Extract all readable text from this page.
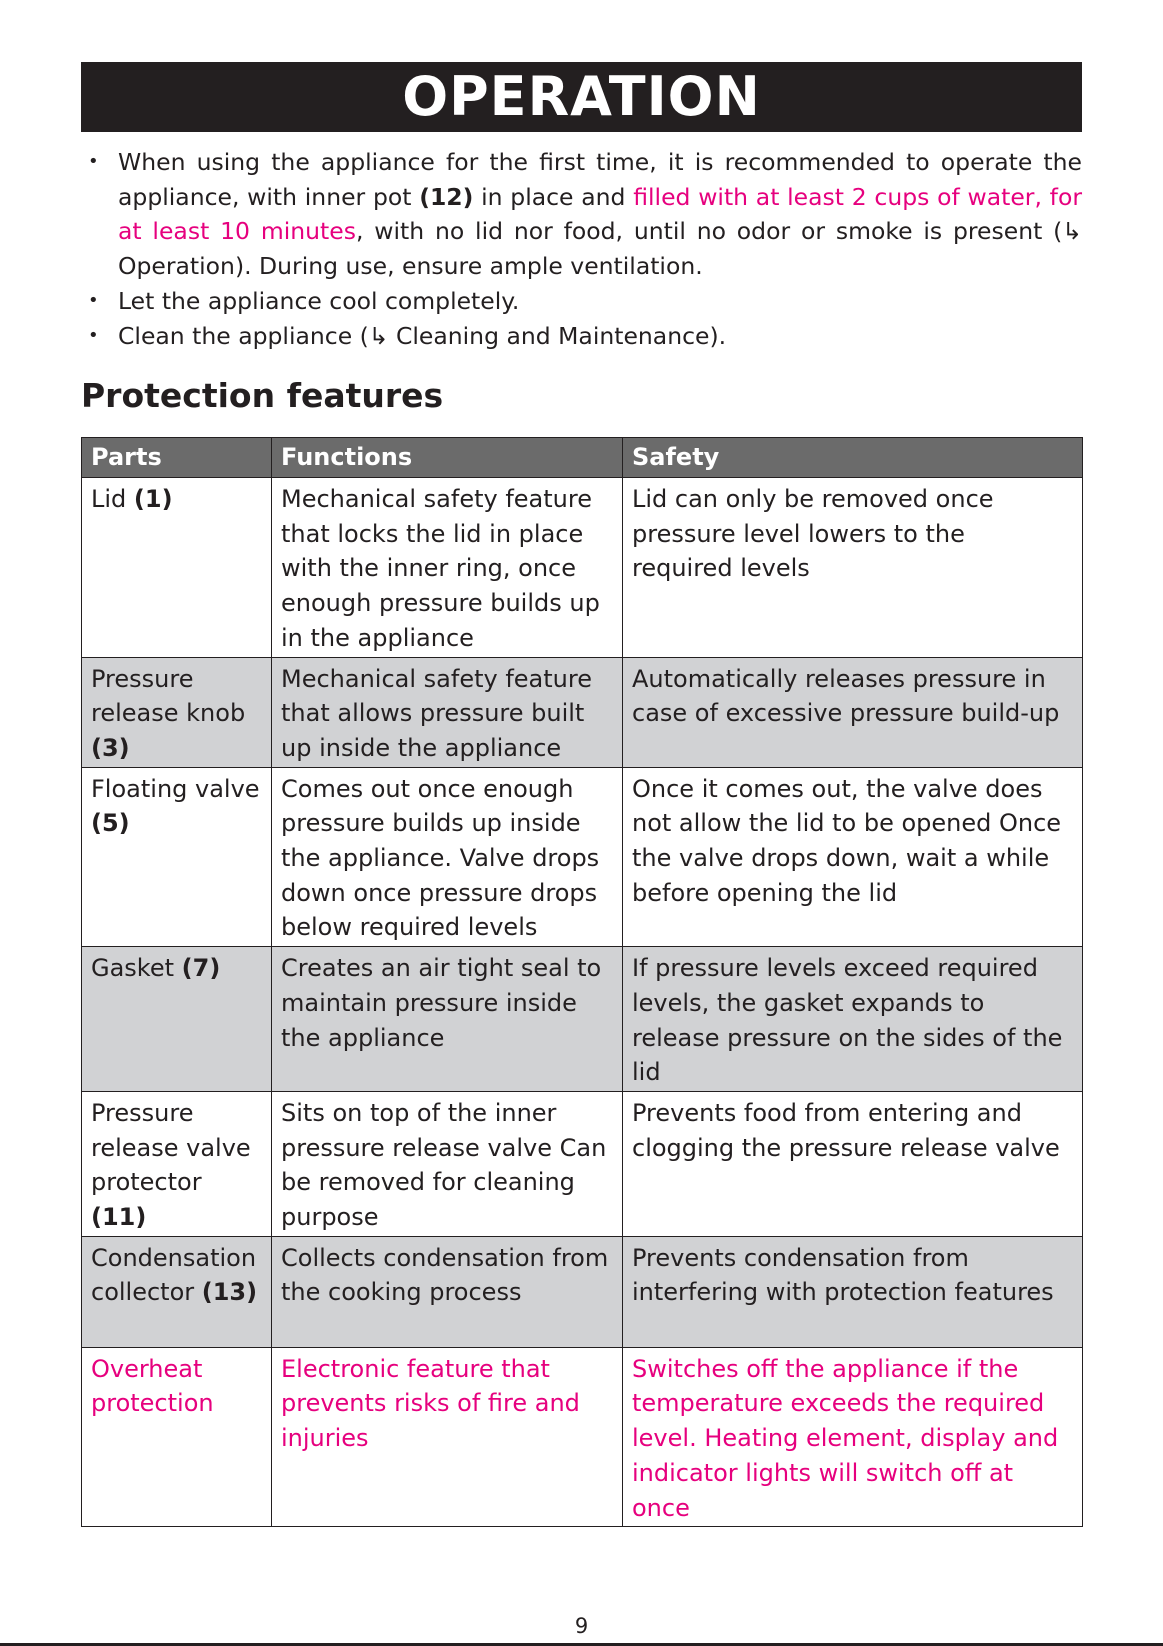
OPERATION
• When using the appliance for the first time, it is recommended to operate the appliance, with inner pot (12) in place and filled with at least 2 cups of water, for at least 10 minutes, with no lid nor food, until no odor or smoke is present (↳ Operation). During use, ensure ample ventilation.
• Let the appliance cool completely.
• Clean the appliance (↳ Cleaning and Maintenance).
Protection features
Parts	Functions	Safety
Lid (1)	Mechanical safety feature that locks the lid in place with the inner ring, once enough pressure builds up in the appliance	Lid can only be removed once pressure level lowers to the required levels
Pressure release knob (3)	Mechanical safety feature that allows pressure built up inside the appliance	Automatically releases pressure in case of excessive pressure build-up
Floating valve (5)	Comes out once enough pressure builds up inside the appliance. Valve drops down once pressure drops below required levels	Once it comes out, the valve does not allow the lid to be opened Once the valve drops down, wait a while before opening the lid
Gasket (7)	Creates an air tight seal to maintain pressure inside the appliance	If pressure levels exceed required levels, the gasket expands to release pressure on the sides of the lid
Pressure release valve protector (11)	Sits on top of the inner pressure release valve Can be removed for cleaning purpose	Prevents food from entering and clogging the pressure release valve
Condensation collector (13)	Collects condensation from the cooking process	Prevents condensation from interfering with protection features
Overheat protection	Electronic feature that prevents risks of fire and injuries	Switches off the appliance if the temperature exceeds the required level. Heating element, display and indicator lights will switch off at once
9
